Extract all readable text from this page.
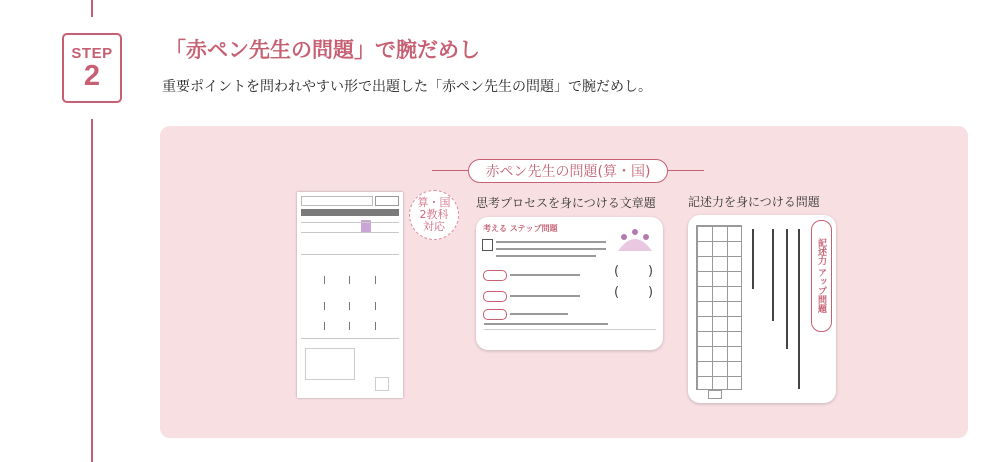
STEP
2
「赤ペン先生の問題」で腕だめし

重要ポイントを問われやすい形で出題した「赤ペン先生の問題」で腕だめし。

赤ペン先生の問題(算・国)
算・国
2教科
対応
思考プロセスを身につける文章題	記述力を身につける問題
考える ステップ問題
( )
( )	記述力 アップ問題
